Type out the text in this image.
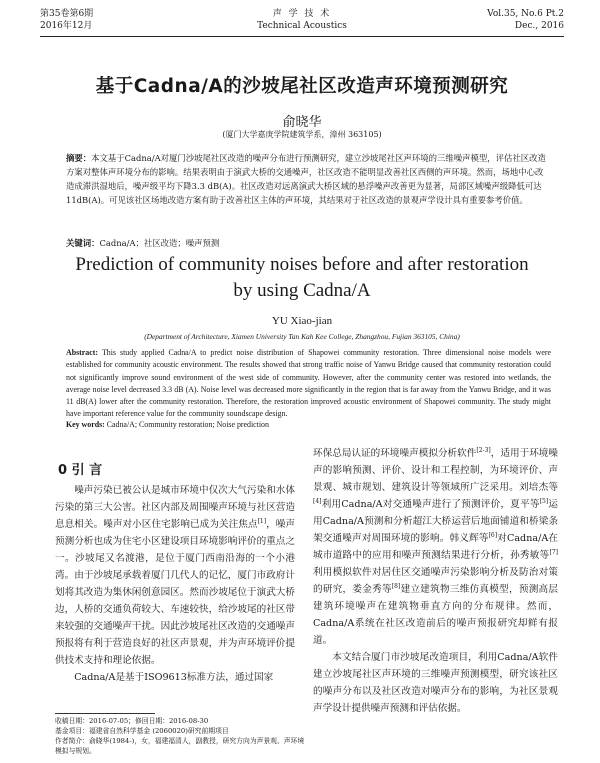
第35卷第6期
2016年12月
声 学 技 术
Technical Acoustics
Vol.35, No.6 Pt.2
Dec., 2016
基于Cadna/A的沙坡尾社区改造声环境预测研究
俞晓华
(厦门大学嘉庚学院建筑学系，漳州 363105)
摘要：本文基于Cadna/A对厦门沙坡尾社区改造的噪声分布进行预测研究，建立沙坡尾社区声环境的三维噪声模型，评估社区改造方案对整体声环境分布的影响。结果表明由于演武大桥的交通噪声，社区改造不能明显改善社区西侧的声环境。然而，场地中心改造成滞洪湿地后，噪声级平均下降3.3 dB(A)。社区改造对远离演武大桥区域的悬浮噪声改善更为显著，局部区域噪声级降低可达11dB(A)。可见该社区场地改造方案有助于改善社区主体的声环境，其结果对于社区改造的景观声学设计具有重要参考价值。
关键词：Cadna/A；社区改造；噪声预测
Prediction of community noises before and after restoration
by using Cadna/A
YU Xiao-jian
(Department of Architecture, Xiamen University Tan Kah Kee College, Zhangzhou, Fujian 363105, China)
Abstract: This study applied Cadna/A to predict noise distribution of Shapowei community restoration. Three dimensional noise models were established for community acoustic environment. The results showed that strong traffic noise of Yanwu Bridge caused that community restoration could not significantly improve sound environment of the west side of community. However, after the community center was restored into wetlands, the average noise level decreased 3.3 dB (A). Noise level was decreased more significantly in the region that is far away from the Yanwu Bridge, and it was 11 dB(A) lower after the community restoration. Therefore, the restoration improved acoustic environment of Shapowei community. The study might have important reference value for the community soundscape design.
Key words: Cadna/A; Community restoration; Noise prediction
0 引 言

噪声污染已被公认是城市环境中仅次大气污染和水体污染的第三大公害。社区内部及周围噪声环境与社区营造息息相关。噪声对小区住宅影响已成为关注焦点[1]，噪声预测分析也成为住宅小区建设项目环境影响评价的重点之一。沙坡尾又名渡港，是位于厦门西南沿海的一个小港湾。由于沙坡尾承载着厦门几代人的记忆，厦门市政府计划将其改造为集休闲创意园区。然而沙坡尾位于演武大桥边，人桥的交通负荷较大、车速较快，给沙坡尾的社区带来较强的交通噪声干扰。因此沙坡尾社区改造的交通噪声预报将有利于营造良好的社区声景观，并为声环境评价提供技术支持和理论依据。

Cadna/A是基于ISO9613标准方法，通过国家

环保总局认证的环境噪声模拟分析软件[2-3]，适用于环境噪声的影响预测、评价、设计和工程控制，为环境评价、声景观、城市规划、建筑设计等领域所广泛采用。刘培杰等[4]利用Cadna/A对交通噪声进行了预测评价，夏平等[5]运用Cadna/A预测和分析超江大桥运营后地面铺道和桥梁条架交通噪声对周围环境的影响。韩义辉等[6]对Cadna/A在城市道路中的应用和噪声预测结果进行分析，孙秀敏等[7]利用模拟软件对居住区交通噪声污染影响分析及防治对策的研究，娄金秀等[8]建立建筑物三维仿真模型，预测高层建筑环境噪声在建筑物垂直方向的分布规律。然而，Cadna/A系统在社区改造前后的噪声预报研究却鲜有报道。

本文结合厦门市沙坡尾改造项目，利用Cadna/A软件建立沙坡尾社区声环境的三维噪声预测模型，研究该社区的噪声分布以及社区改造对噪声分布的影响，为社区景观声学设计提供噪声预测和评估依据。

收稿日期：2016-07-05；修回日期：2016-08-30
基金项目：福建省自然科学基金 (2060020)研究前期项目
作者简介：俞晓华(1984-)，女，福建福清人，副教授，研究方向为声景观、声环境模拟与规划。
